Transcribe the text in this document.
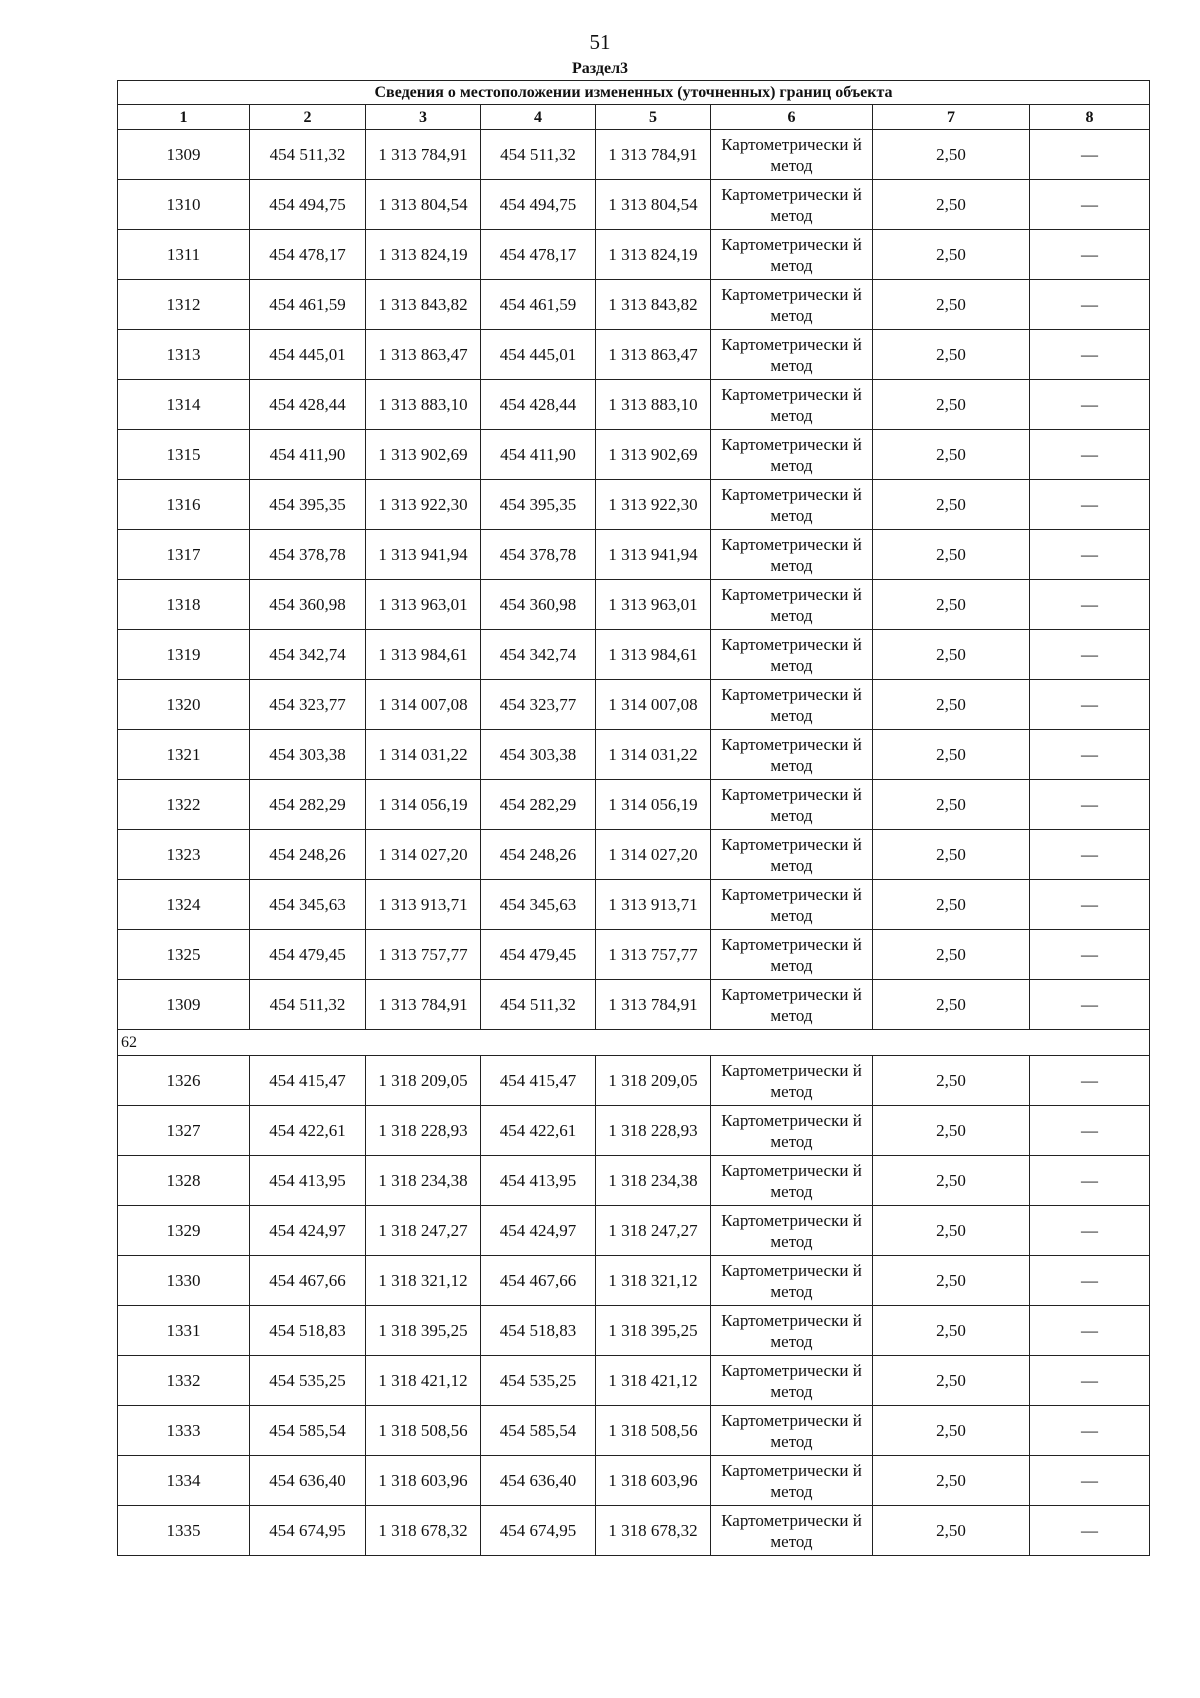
51
Раздел3
Сведения о местоположении измененных (уточненных) границ объекта							
1	2	3	4	5	6	7	8
1309	454 511,32	1 313 784,91	454 511,32	1 313 784,91	Картометрически й метод	2,50	—
1310	454 494,75	1 313 804,54	454 494,75	1 313 804,54	Картометрически й метод	2,50	—
1311	454 478,17	1 313 824,19	454 478,17	1 313 824,19	Картометрически й метод	2,50	—
1312	454 461,59	1 313 843,82	454 461,59	1 313 843,82	Картометрически й метод	2,50	—
1313	454 445,01	1 313 863,47	454 445,01	1 313 863,47	Картометрически й метод	2,50	—
1314	454 428,44	1 313 883,10	454 428,44	1 313 883,10	Картометрически й метод	2,50	—
1315	454 411,90	1 313 902,69	454 411,90	1 313 902,69	Картометрически й метод	2,50	—
1316	454 395,35	1 313 922,30	454 395,35	1 313 922,30	Картометрически й метод	2,50	—
1317	454 378,78	1 313 941,94	454 378,78	1 313 941,94	Картометрически й метод	2,50	—
1318	454 360,98	1 313 963,01	454 360,98	1 313 963,01	Картометрически й метод	2,50	—
1319	454 342,74	1 313 984,61	454 342,74	1 313 984,61	Картометрически й метод	2,50	—
1320	454 323,77	1 314 007,08	454 323,77	1 314 007,08	Картометрически й метод	2,50	—
1321	454 303,38	1 314 031,22	454 303,38	1 314 031,22	Картометрически й метод	2,50	—
1322	454 282,29	1 314 056,19	454 282,29	1 314 056,19	Картометрически й метод	2,50	—
1323	454 248,26	1 314 027,20	454 248,26	1 314 027,20	Картометрически й метод	2,50	—
1324	454 345,63	1 313 913,71	454 345,63	1 313 913,71	Картометрически й метод	2,50	—
1325	454 479,45	1 313 757,77	454 479,45	1 313 757,77	Картометрически й метод	2,50	—
1309	454 511,32	1 313 784,91	454 511,32	1 313 784,91	Картометрически й метод	2,50	—
62							
1326	454 415,47	1 318 209,05	454 415,47	1 318 209,05	Картометрически й метод	2,50	—
1327	454 422,61	1 318 228,93	454 422,61	1 318 228,93	Картометрически й метод	2,50	—
1328	454 413,95	1 318 234,38	454 413,95	1 318 234,38	Картометрически й метод	2,50	—
1329	454 424,97	1 318 247,27	454 424,97	1 318 247,27	Картометрически й метод	2,50	—
1330	454 467,66	1 318 321,12	454 467,66	1 318 321,12	Картометрически й метод	2,50	—
1331	454 518,83	1 318 395,25	454 518,83	1 318 395,25	Картометрически й метод	2,50	—
1332	454 535,25	1 318 421,12	454 535,25	1 318 421,12	Картометрически й метод	2,50	—
1333	454 585,54	1 318 508,56	454 585,54	1 318 508,56	Картометрически й метод	2,50	—
1334	454 636,40	1 318 603,96	454 636,40	1 318 603,96	Картометрически й метод	2,50	—
1335	454 674,95	1 318 678,32	454 674,95	1 318 678,32	Картометрически й метод	2,50	—
